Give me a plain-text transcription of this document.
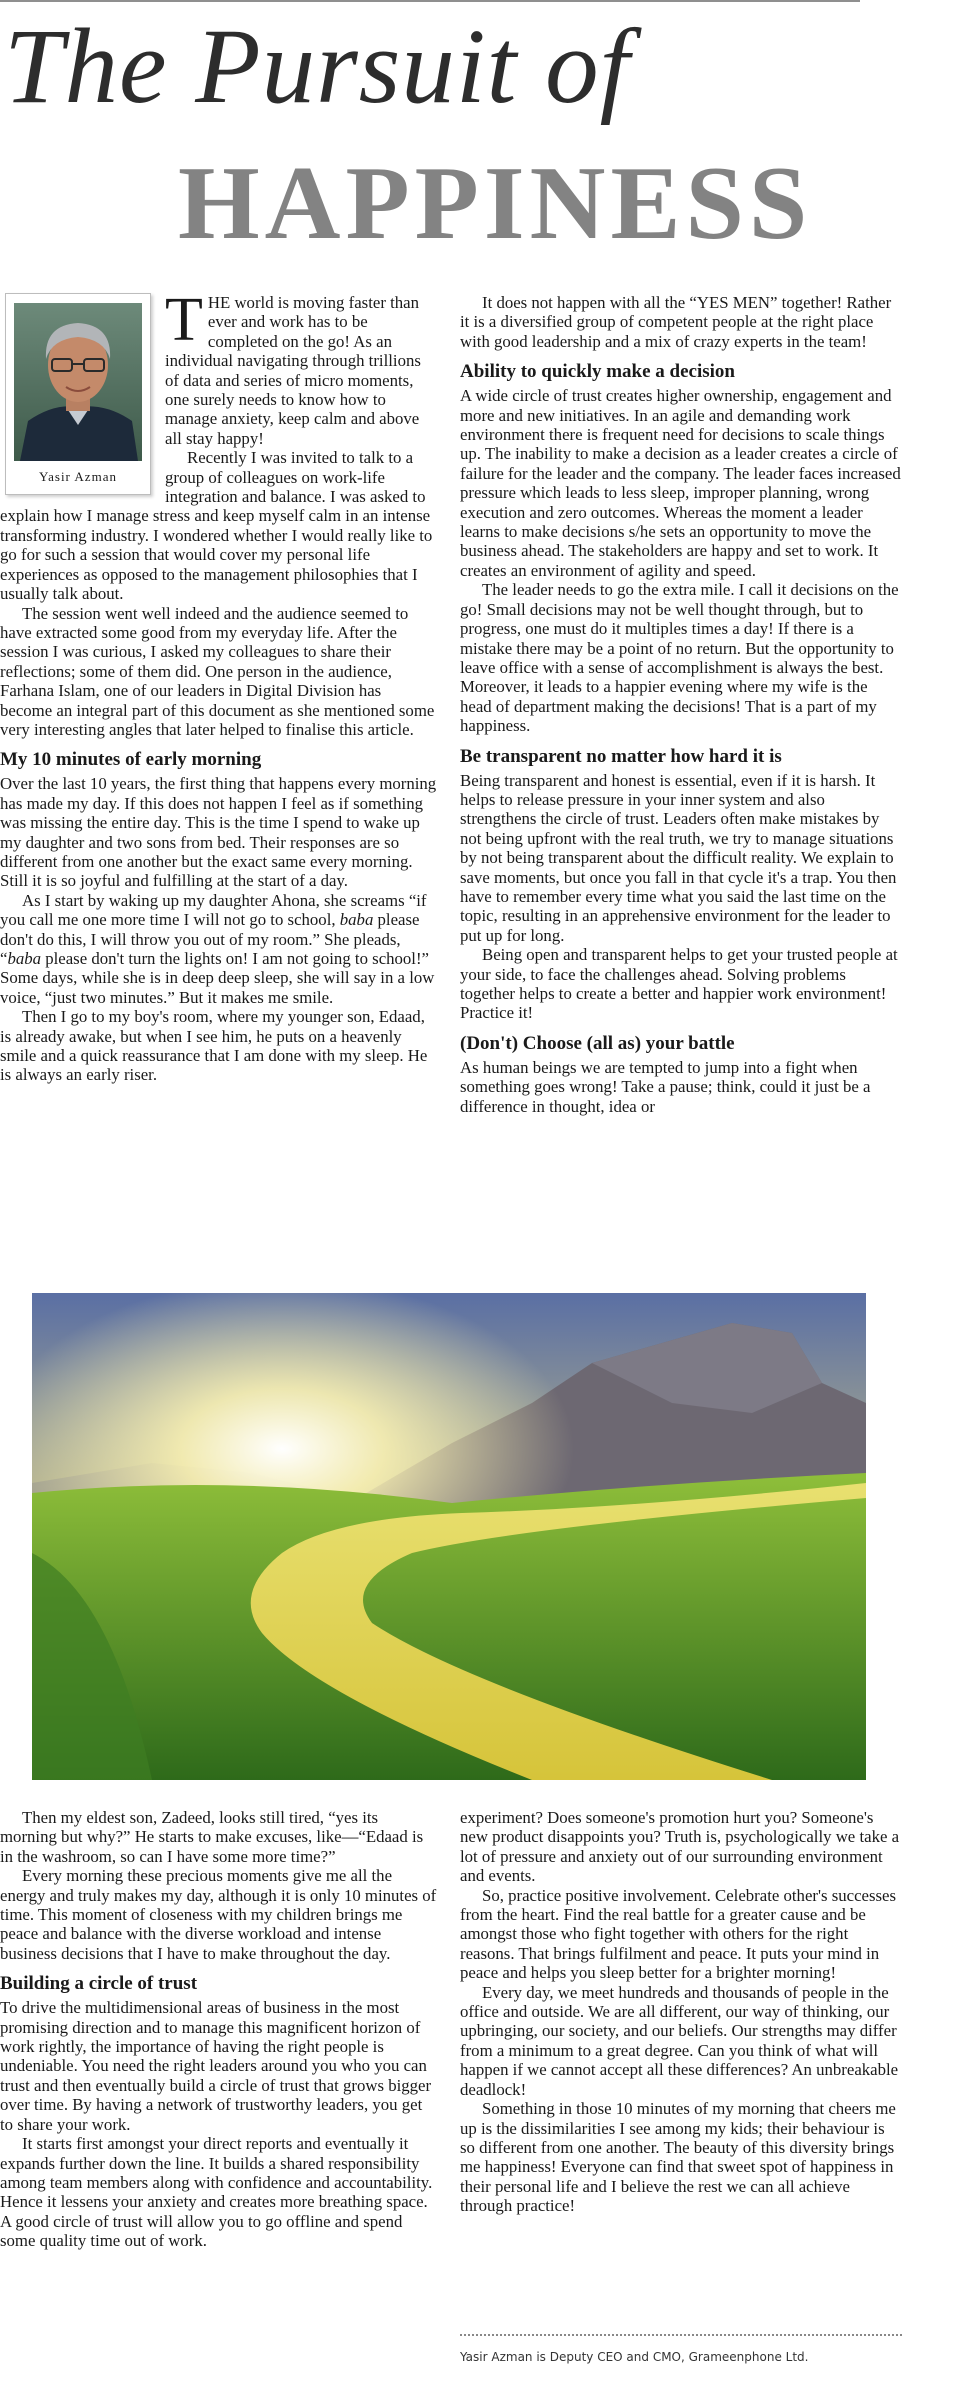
The Pursuit of
HAPPINESS
Yasir Azman

THE world is moving faster than ever and work has to be completed on the go! As an individual navigating through trillions of data and series of micro moments, one surely needs to know how to manage anxiety, keep calm and above all stay happy!

Recently I was invited to talk to a group of colleagues on work-life integration and balance. I was asked to explain how I manage stress and keep myself calm in an intense transforming industry. I wondered whether I would really like to go for such a session that would cover my personal life experiences as opposed to the management philosophies that I usually talk about.

The session went well indeed and the audience seemed to have extracted some good from my everyday life. After the session I was curious, I asked my colleagues to share their reflections; some of them did. One person in the audience, Farhana Islam, one of our leaders in Digital Division has become an integral part of this document as she mentioned some very interesting angles that later helped to finalise this article.

My 10 minutes of early morning

Over the last 10 years, the first thing that happens every morning has made my day. If this does not happen I feel as if something was missing the entire day. This is the time I spend to wake up my daughter and two sons from bed. Their responses are so different from one another but the exact same every morning. Still it is so joyful and fulfilling at the start of a day.

As I start by waking up my daughter Ahona, she screams “if you call me one more time I will not go to school, baba please don't do this, I will throw you out of my room.” She pleads, “baba please don't turn the lights on! I am not going to school!” Some days, while she is in deep deep sleep, she will say in a low voice, “just two minutes.” But it makes me smile.

Then I go to my boy's room, where my younger son, Edaad, is already awake, but when I see him, he puts on a heavenly smile and a quick reassurance that I am done with my sleep. He is always an early riser.

It does not happen with all the “YES MEN” together! Rather it is a diversified group of competent people at the right place with good leadership and a mix of crazy experts in the team!

Ability to quickly make a decision

A wide circle of trust creates higher ownership, engagement and more and new initiatives. In an agile and demanding work environment there is frequent need for decisions to scale things up. The inability to make a decision as a leader creates a circle of failure for the leader and the company. The leader faces increased pressure which leads to less sleep, improper planning, wrong execution and zero outcomes. Whereas the moment a leader learns to make decisions s/he sets an opportunity to move the business ahead. The stakeholders are happy and set to work. It creates an environment of agility and speed.

The leader needs to go the extra mile. I call it decisions on the go! Small decisions may not be well thought through, but to progress, one must do it multiples times a day! If there is a mistake there may be a point of no return. But the opportunity to leave office with a sense of accomplishment is always the best. Moreover, it leads to a happier evening where my wife is the head of department making the decisions! That is a part of my happiness.

Be transparent no matter how hard it is

Being transparent and honest is essential, even if it is harsh. It helps to release pressure in your inner system and also strengthens the circle of trust. Leaders often make mistakes by not being upfront with the real truth, we try to manage situations by not being transparent about the difficult reality. We explain to save moments, but once you fall in that cycle it's a trap. You then have to remember every time what you said the last time on the topic, resulting in an apprehensive environment for the leader to put up for long.

Being open and transparent helps to get your trusted people at your side, to face the challenges ahead. Solving problems together helps to create a better and happier work environment! Practice it!

(Don't) Choose (all as) your battle

As human beings we are tempted to jump into a fight when something goes wrong! Take a pause; think, could it just be a difference in thought, idea or

Then my eldest son, Zadeed, looks still tired, “yes its morning but why?” He starts to make excuses, like—“Edaad is in the washroom, so can I have some more time?”

Every morning these precious moments give me all the energy and truly makes my day, although it is only 10 minutes of time. This moment of closeness with my children brings me peace and balance with the diverse workload and intense business decisions that I have to make throughout the day.

Building a circle of trust

To drive the multidimensional areas of business in the most promising direction and to manage this magnificent horizon of work rightly, the importance of having the right people is undeniable. You need the right leaders around you who you can trust and then eventually build a circle of trust that grows bigger over time. By having a network of trustworthy leaders, you get to share your work.

It starts first amongst your direct reports and eventually it expands further down the line. It builds a shared responsibility among team members along with confidence and accountability. Hence it lessens your anxiety and creates more breathing space. A good circle of trust will allow you to go offline and spend some quality time out of work.

experiment? Does someone's promotion hurt you? Someone's new product disappoints you? Truth is, psychologically we take a lot of pressure and anxiety out of our surrounding environment and events.

So, practice positive involvement. Celebrate other's successes from the heart. Find the real battle for a greater cause and be amongst those who fight together with others for the right reasons. That brings fulfilment and peace. It puts your mind in peace and helps you sleep better for a brighter morning!

Every day, we meet hundreds and thousands of people in the office and outside. We are all different, our way of thinking, our upbringing, our society, and our beliefs. Our strengths may differ from a minimum to a great degree. Can you think of what will happen if we cannot accept all these differences? An unbreakable deadlock!

Something in those 10 minutes of my morning that cheers me up is the dissimilarities I see among my kids; their behaviour is so different from one another. The beauty of this diversity brings me happiness! Everyone can find that sweet spot of happiness in their personal life and I believe the rest we can all achieve through practice!

Yasir Azman is Deputy CEO and CMO, Grameenphone Ltd.
